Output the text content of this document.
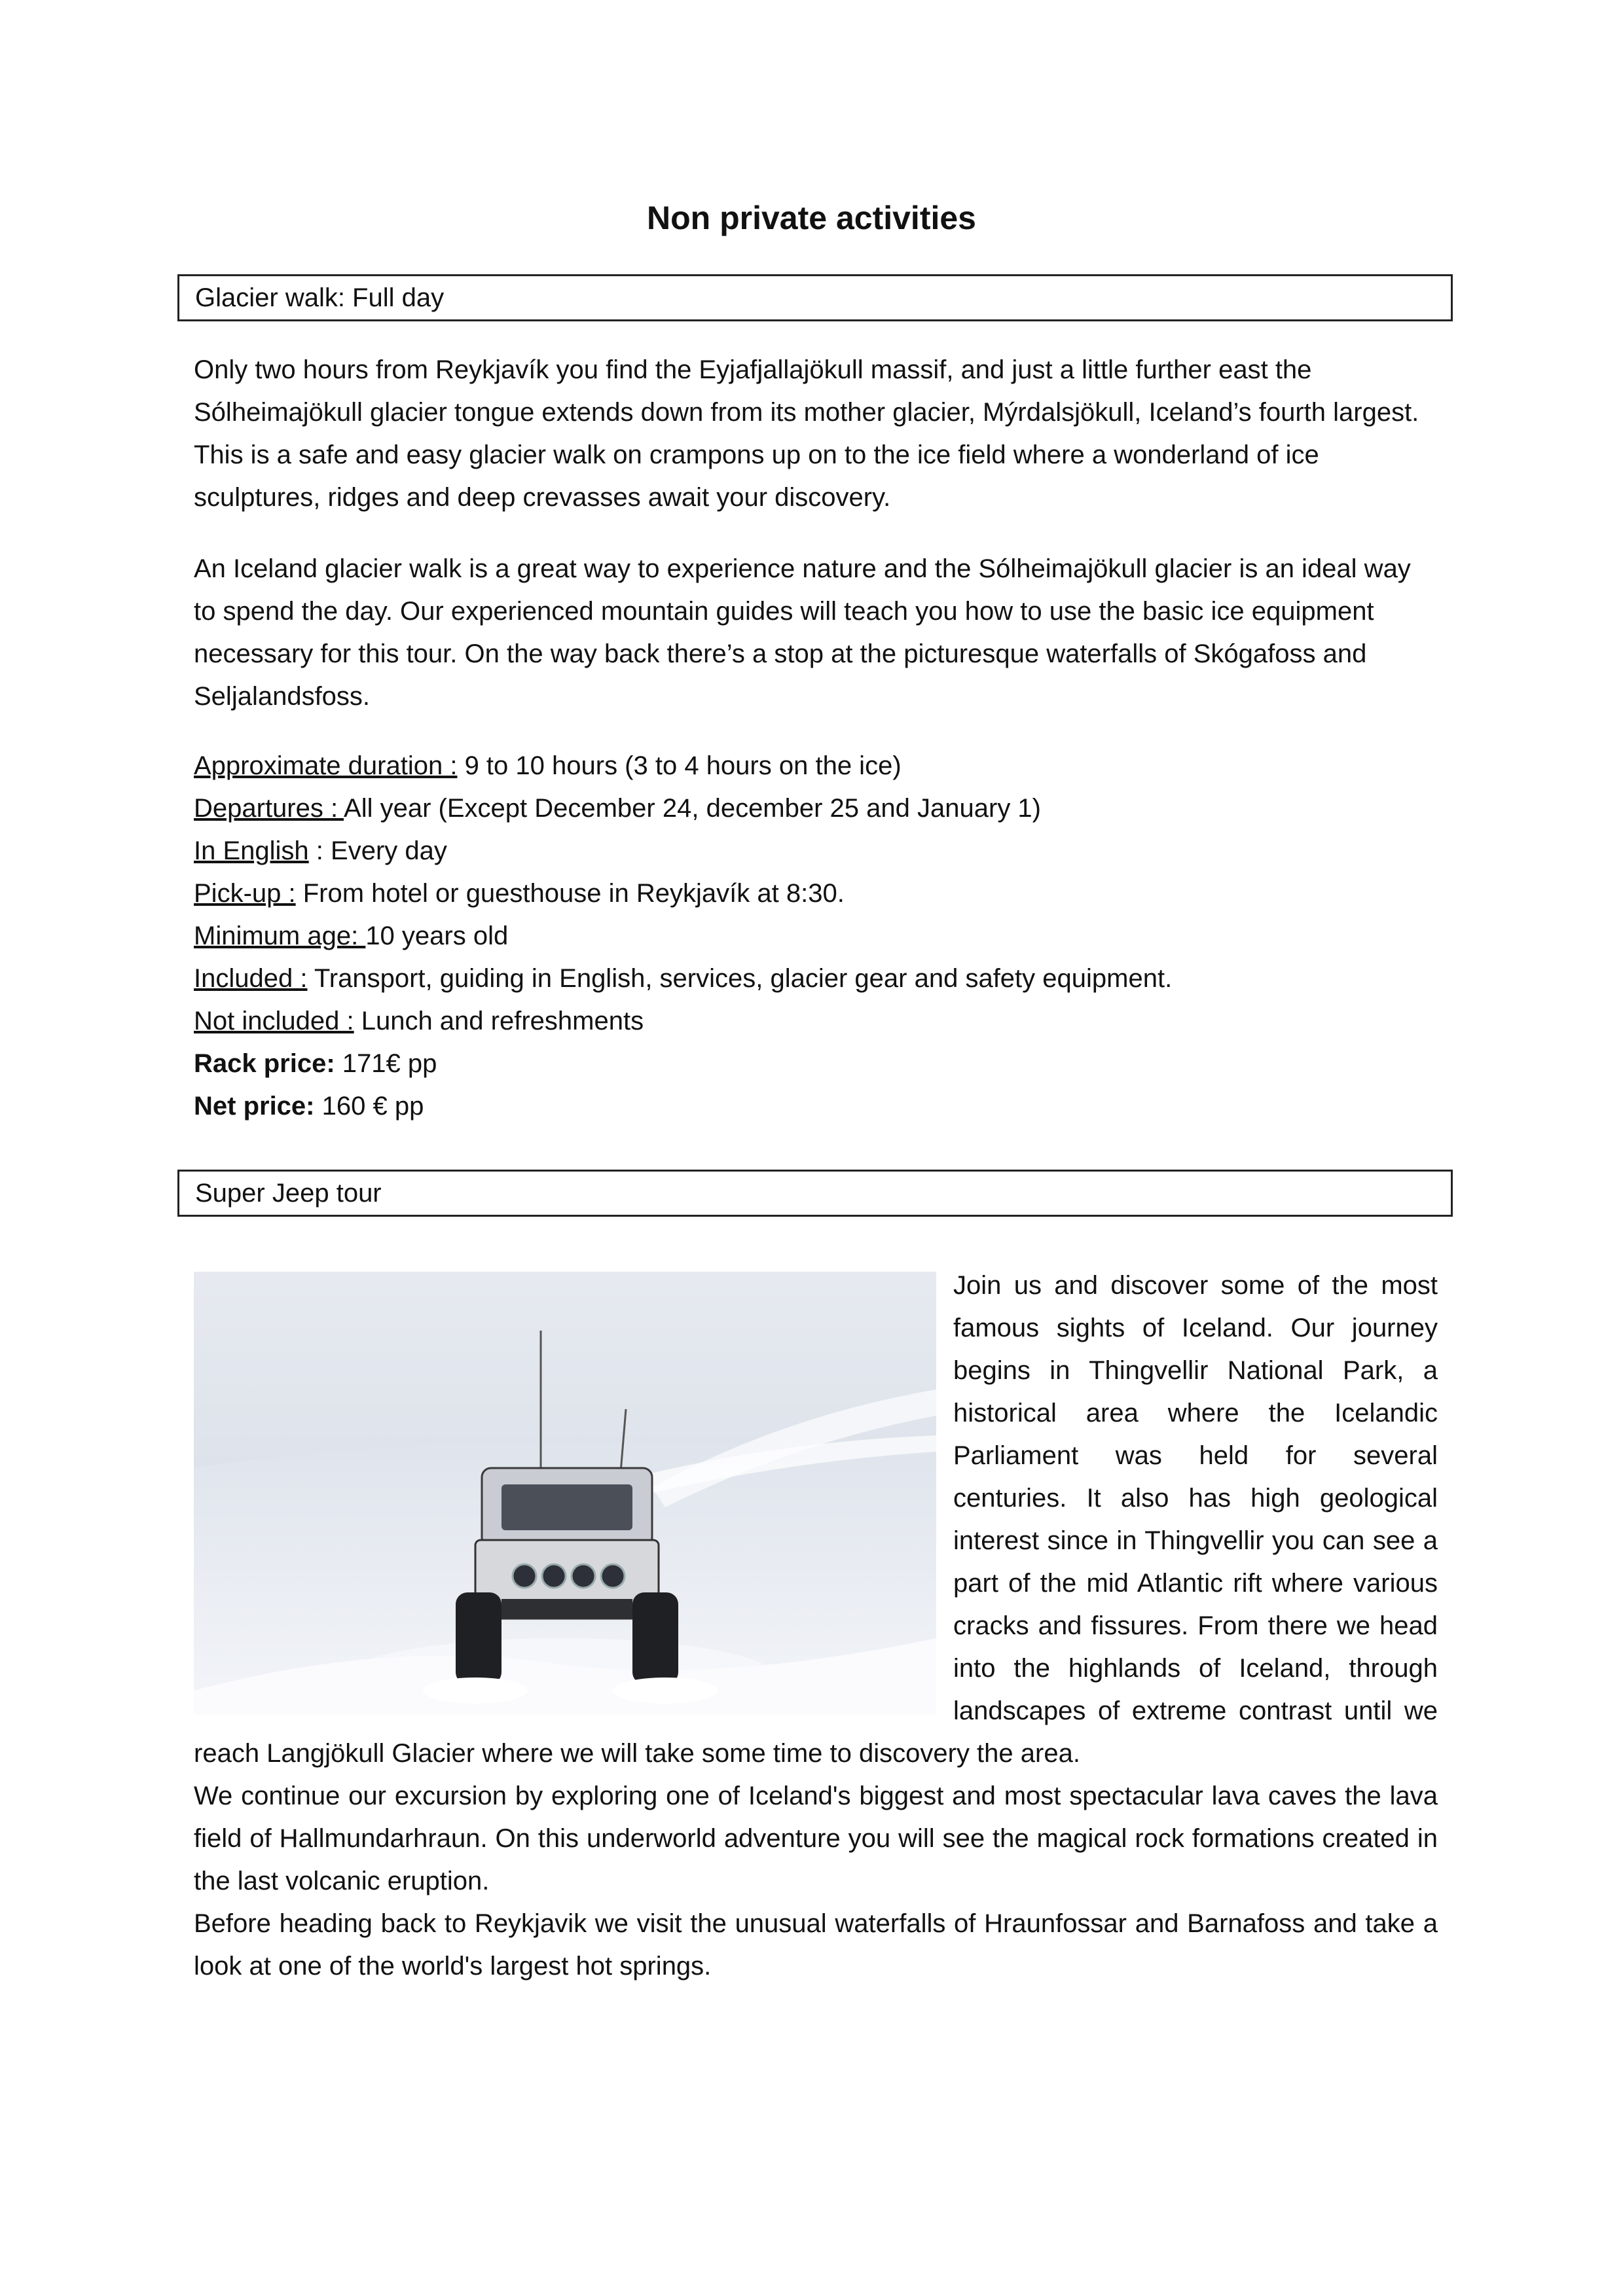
Non private activities
Glacier walk: Full day

Only two hours from Reykjavík you find the Eyjafjallajökull massif, and just a little further east the Sólheimajökull glacier tongue extends down from its mother glacier, Mýrdalsjökull, Iceland’s fourth largest. This is a safe and easy glacier walk on crampons up on to the ice field where a wonderland of ice sculptures, ridges and deep crevasses await your discovery.

An Iceland glacier walk is a great way to experience nature and the Sólheimajökull glacier is an ideal way to spend the day. Our experienced mountain guides will teach you how to use the basic ice equipment necessary for this tour. On the way back there’s a stop at the picturesque waterfalls of Skógafoss and Seljalandsfoss.

Approximate duration : 9 to 10 hours (3 to 4 hours on the ice)
Departures : All year (Except December 24, december 25 and January 1)
In English : Every day
Pick-up : From hotel or guesthouse in Reykjavík at 8:30.
Minimum age: 10 years old
Included : Transport, guiding in English, services, glacier gear and safety equipment.
Not included : Lunch and refreshments
Rack price: 171€ pp
Net price: 160 € pp
Super Jeep tour

Join us and discover some of the most famous sights of Iceland. Our journey begins in Thingvellir National Park, a historical area where the Icelandic Parliament was held for several centuries. It also has high geological interest since in Thingvellir you can see a part of the mid Atlantic rift where various cracks and fissures. From there we head into the highlands of Iceland, through landscapes of extreme contrast until we reach Langjökull Glacier where we will take some time to discovery the area.

We continue our excursion by exploring one of Iceland's biggest and most spectacular lava caves the lava field of Hallmundarhraun. On this underworld adventure you will see the magical rock formations created in the last volcanic eruption.

Before heading back to Reykjavik we visit the unusual waterfalls of Hraunfossar and Barnafoss and take a look at one of the world's largest hot springs.
